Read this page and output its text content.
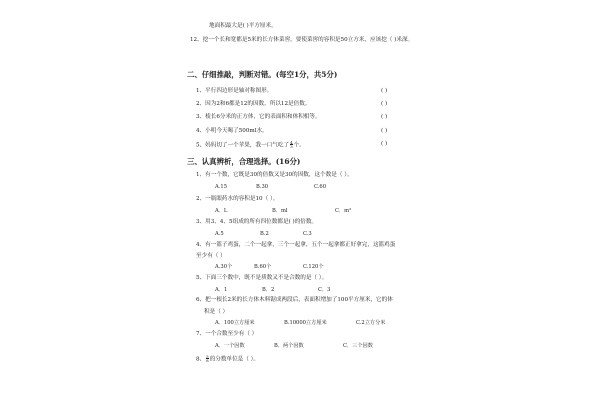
地面积最大是( )平方厘米。
12、挖一个长和宽都是5米的长方体菜窖，要使菜窖的容积是50立方米，应该挖（ )米深。
二、仔细推敲，判断对错。(每空1分，共5分)
1、平行四边形是轴对称图形。	( )
2、因为2和6都是12的因数，所以12是倍数。	( )
3、棱长6分米的正方体，它的表面积和体积相等。	( )
4、小明今天喝了500ml水。	( )
5、妈妈切了一个苹果，我一口气吃了 $\frac{4}{3}$ 个。	( )
三、认真辨析，合理选择。(16分)
1、有一个数，它既是30的倍数又是30的因数，这个数是（ ）。
A.15	B.30	C.60
2、一瓶眼药水的容积是10（ ）。
A．L	B．ml	C．m²
3、用3、4、5组成的所有四位数都是( )的倍数。
A.5	B.2	C.3
4、有一篮子鸡蛋，二个一起拿，三个一起拿，五个一起拿都正好拿完，这篮鸡蛋
至少有（ ）
A.30个	B.60个	C.120个
5、下面三个数中，既不是质数又不是合数的是（ ）。
A．1	B．2	C．3
6、把一根长2米的长方体木料锯成两段后，表面积增加了100平方厘米，它的体
积是（ ）
A．100立方厘米	B.10000立方厘米	C.2立方分米
7、一个合数至少有（ ）
A．一个因数	B．两个因数	C．三个因数
8、 $\frac{5}{8}$ 的分数单位是（ ）。
